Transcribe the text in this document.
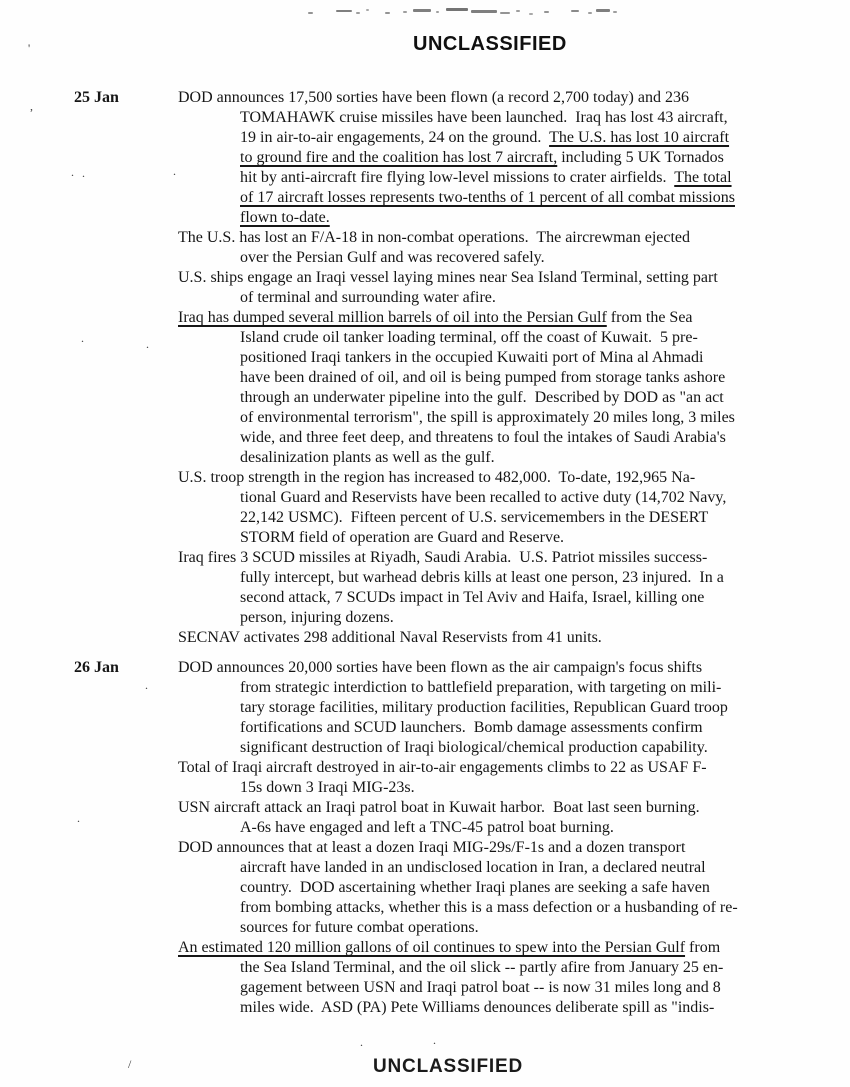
UNCLASSIFIED
25 Jan	DOD announces 17,500 sorties have been flown (a record 2,700 today) and 236
TOMAHAWK cruise missiles have been launched.  Iraq has lost 43 aircraft,
19 in air-to-air engagements, 24 on the ground.  The U.S. has lost 10 aircraft
to ground fire and the coalition has lost 7 aircraft, including 5 UK Tornados
hit by anti-aircraft fire flying low-level missions to crater airfields.  The total
of 17 aircraft losses represents two-tenths of 1 percent of all combat missions
flown to-date.
The U.S. has lost an F/A-18 in non-combat operations.  The aircrewman ejected
over the Persian Gulf and was recovered safely.
U.S. ships engage an Iraqi vessel laying mines near Sea Island Terminal, setting part
of terminal and surrounding water afire.
Iraq has dumped several million barrels of oil into the Persian Gulf from the Sea
Island crude oil tanker loading terminal, off the coast of Kuwait.  5 pre-
positioned Iraqi tankers in the occupied Kuwaiti port of Mina al Ahmadi
have been drained of oil, and oil is being pumped from storage tanks ashore
through an underwater pipeline into the gulf.  Described by DOD as "an act
of environmental terrorism", the spill is approximately 20 miles long, 3 miles
wide, and three feet deep, and threatens to foul the intakes of Saudi Arabia's
desalinization plants as well as the gulf.
U.S. troop strength in the region has increased to 482,000.  To-date, 192,965 Na-
tional Guard and Reservists have been recalled to active duty (14,702 Navy,
22,142 USMC).  Fifteen percent of U.S. servicemembers in the DESERT
STORM field of operation are Guard and Reserve.
Iraq fires 3 SCUD missiles at Riyadh, Saudi Arabia.  U.S. Patriot missiles success-
fully intercept, but warhead debris kills at least one person, 23 injured.  In a
second attack, 7 SCUDs impact in Tel Aviv and Haifa, Israel, killing one
person, injuring dozens.
SECNAV activates 298 additional Naval Reservists from 41 units.
26 Jan	DOD announces 20,000 sorties have been flown as the air campaign's focus shifts
from strategic interdiction to battlefield preparation, with targeting on mili-
tary storage facilities, military production facilities, Republican Guard troop
fortifications and SCUD launchers.  Bomb damage assessments confirm
significant destruction of Iraqi biological/chemical production capability.
Total of Iraqi aircraft destroyed in air-to-air engagements climbs to 22 as USAF F-
15s down 3 Iraqi MIG-23s.
USN aircraft attack an Iraqi patrol boat in Kuwait harbor.  Boat last seen burning.
A-6s have engaged and left a TNC-45 patrol boat burning.
DOD announces that at least a dozen Iraqi MIG-29s/F-1s and a dozen transport
aircraft have landed in an undisclosed location in Iran, a declared neutral
country.  DOD ascertaining whether Iraqi planes are seeking a safe haven
from bombing attacks, whether this is a mass defection or a husbanding of re-
sources for future combat operations.
An estimated 120 million gallons of oil continues to spew into the Persian Gulf from
the Sea Island Terminal, and the oil slick -- partly afire from January 25 en-
gagement between USN and Iraqi patrol boat -- is now 31 miles long and 8
miles wide.  ASD (PA) Pete Williams denounces deliberate spill as "indis-
UNCLASSIFIED
'
,
. .	.
.	.
.
.
.	.
/
